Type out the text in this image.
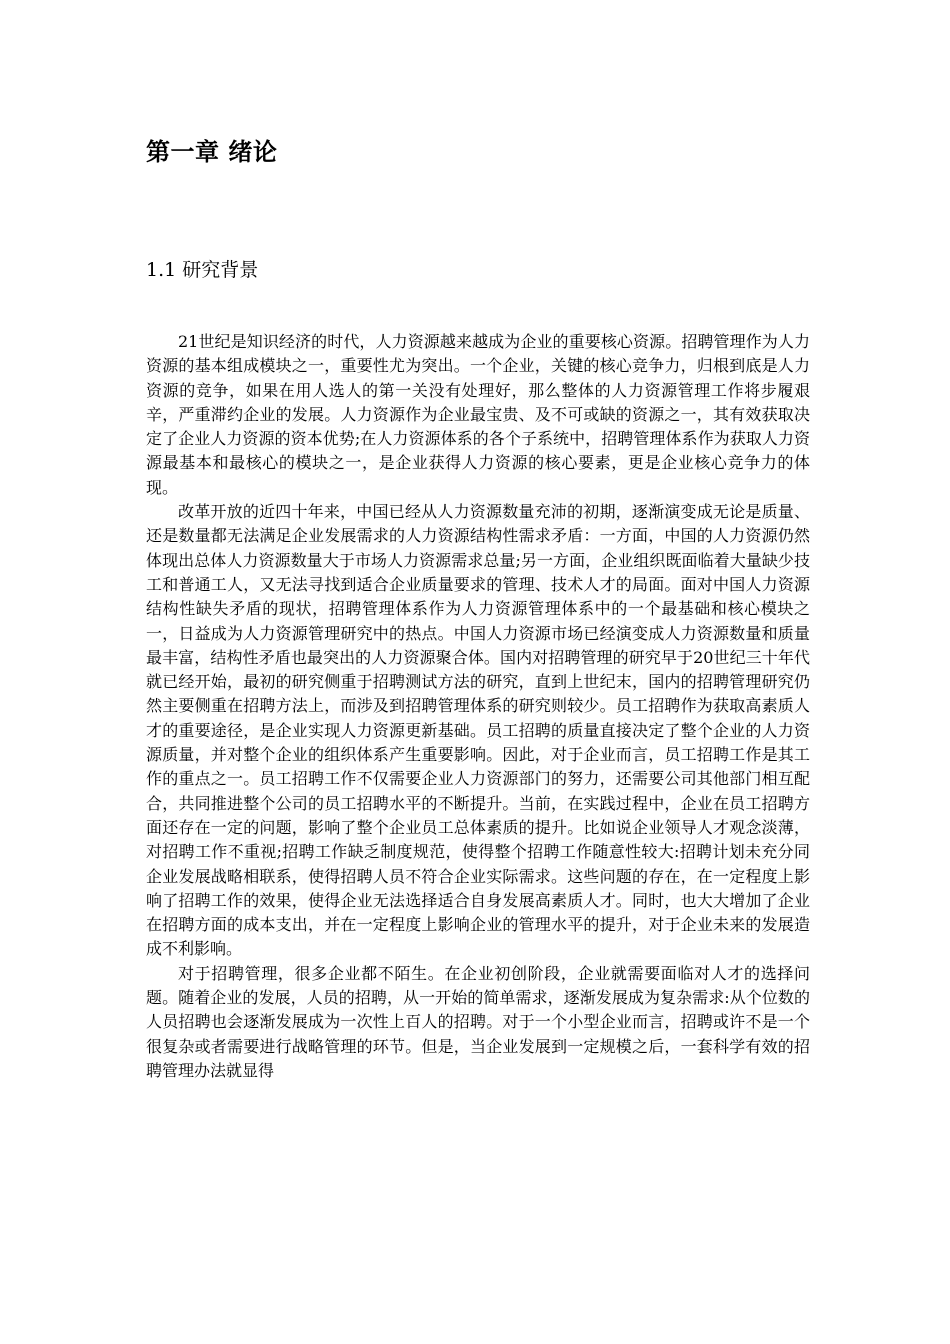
第一章 绪论
1.1 研究背景

21世纪是知识经济的时代，人力资源越来越成为企业的重要核心资源。招聘管理作为人力资源的基本组成模块之一，重要性尤为突出。一个企业，关键的核心竞争力，归根到底是人力资源的竞争，如果在用人选人的第一关没有处理好，那么整体的人力资源管理工作将步履艰辛，严重滞约企业的发展。人力资源作为企业最宝贵、及不可或缺的资源之一，其有效获取决定了企业人力资源的资本优势;在人力资源体系的各个子系统中，招聘管理体系作为获取人力资源最基本和最核心的模块之一，是企业获得人力资源的核心要素，更是企业核心竞争力的体现。

改革开放的近四十年来，中国已经从人力资源数量充沛的初期，逐渐演变成无论是质量、还是数量都无法满足企业发展需求的人力资源结构性需求矛盾：一方面，中国的人力资源仍然体现出总体人力资源数量大于市场人力资源需求总量;另一方面，企业组织既面临着大量缺少技工和普通工人，又无法寻找到适合企业质量要求的管理、技术人才的局面。面对中国人力资源结构性缺失矛盾的现状，招聘管理体系作为人力资源管理体系中的一个最基础和核心模块之一，日益成为人力资源管理研究中的热点。中国人力资源市场已经演变成人力资源数量和质量最丰富，结构性矛盾也最突出的人力资源聚合体。国内对招聘管理的研究早于20世纪三十年代就已经开始，最初的研究侧重于招聘测试方法的研究，直到上世纪末，国内的招聘管理研究仍然主要侧重在招聘方法上，而涉及到招聘管理体系的研究则较少。员工招聘作为获取高素质人才的重要途径，是企业实现人力资源更新基础。员工招聘的质量直接决定了整个企业的人力资源质量，并对整个企业的组织体系产生重要影响。因此，对于企业而言，员工招聘工作是其工作的重点之一。员工招聘工作不仅需要企业人力资源部门的努力，还需要公司其他部门相互配合，共同推进整个公司的员工招聘水平的不断提升。当前，在实践过程中，企业在员工招聘方面还存在一定的问题，影响了整个企业员工总体素质的提升。比如说企业领导人才观念淡薄，对招聘工作不重视;招聘工作缺乏制度规范，使得整个招聘工作随意性较大:招聘计划未充分同企业发展战略相联系，使得招聘人员不符合企业实际需求。这些问题的存在，在一定程度上影响了招聘工作的效果，使得企业无法选择适合自身发展高素质人才。同时，也大大增加了企业在招聘方面的成本支出，并在一定程度上影响企业的管理水平的提升，对于企业未来的发展造成不利影响。

对于招聘管理，很多企业都不陌生。在企业初创阶段，企业就需要面临对人才的选择问题。随着企业的发展，人员的招聘，从一开始的简单需求，逐渐发展成为复杂需求:从个位数的人员招聘也会逐渐发展成为一次性上百人的招聘。对于一个小型企业而言，招聘或许不是一个很复杂或者需要进行战略管理的环节。但是，当企业发展到一定规模之后，一套科学有效的招聘管理办法就显得
